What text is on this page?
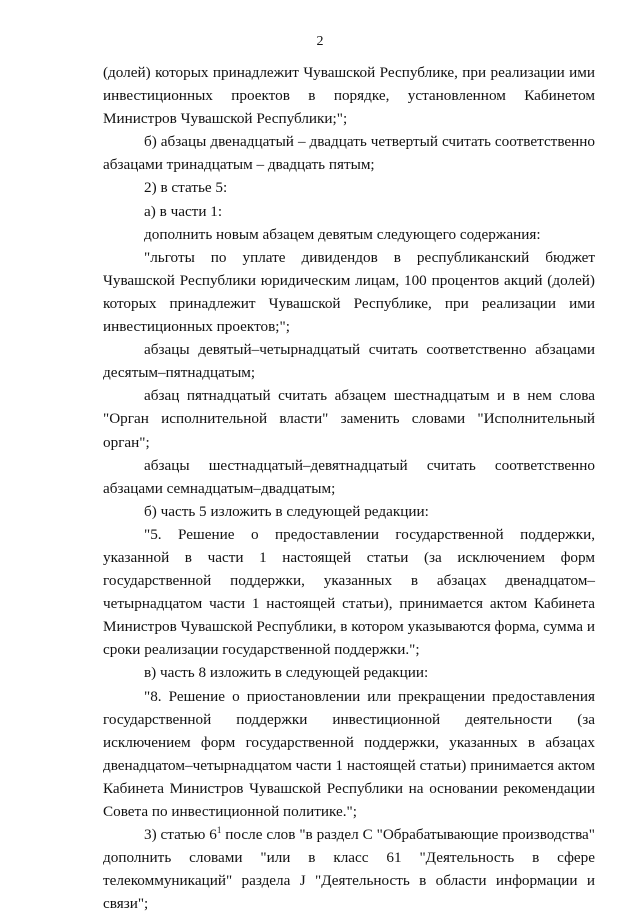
2

(долей) которых принадлежит Чувашской Республике, при реализации ими инвестиционных проектов в порядке, установленном Кабинетом Министров Чувашской Республики;";

б) абзацы двенадцатый – двадцать четвертый считать соответственно абзацами тринадцатым – двадцать пятым;

2) в статье 5:

а) в части 1:

дополнить новым абзацем девятым следующего содержания:

"льготы по уплате дивидендов в республиканский бюджет Чувашской Республики юридическим лицам, 100 процентов акций (долей) которых принадлежит Чувашской Республике, при реализации ими инвестиционных проектов;";

абзацы девятый–четырнадцатый считать соответственно абзацами десятым–пятнадцатым;

абзац пятнадцатый считать абзацем шестнадцатым и в нем слова "Орган исполнительной власти" заменить словами "Исполнительный орган";

абзацы шестнадцатый–девятнадцатый считать соответственно абзацами семнадцатым–двадцатым;

б) часть 5 изложить в следующей редакции:

"5. Решение о предоставлении государственной поддержки, указанной в части 1 настоящей статьи (за исключением форм государственной поддержки, указанных в абзацах двенадцатом–четырнадцатом части 1 настоящей статьи), принимается актом Кабинета Министров Чувашской Республики, в котором указываются форма, сумма и сроки реализации государственной поддержки.";

в) часть 8 изложить в следующей редакции:

"8. Решение о приостановлении или прекращении предоставления государственной поддержки инвестиционной деятельности (за исключением форм государственной поддержки, указанных в абзацах двенадцатом–четырнадцатом части 1 настоящей статьи) принимается актом Кабинета Министров Чувашской Республики на основании рекомендации Совета по инвестиционной политике.";

3) статью $6^1$ после слов "в раздел C "Обрабатывающие производства" дополнить словами "или в класс 61 "Деятельность в сфере телекоммуникаций" раздела J "Деятельность в области информации и связи";
